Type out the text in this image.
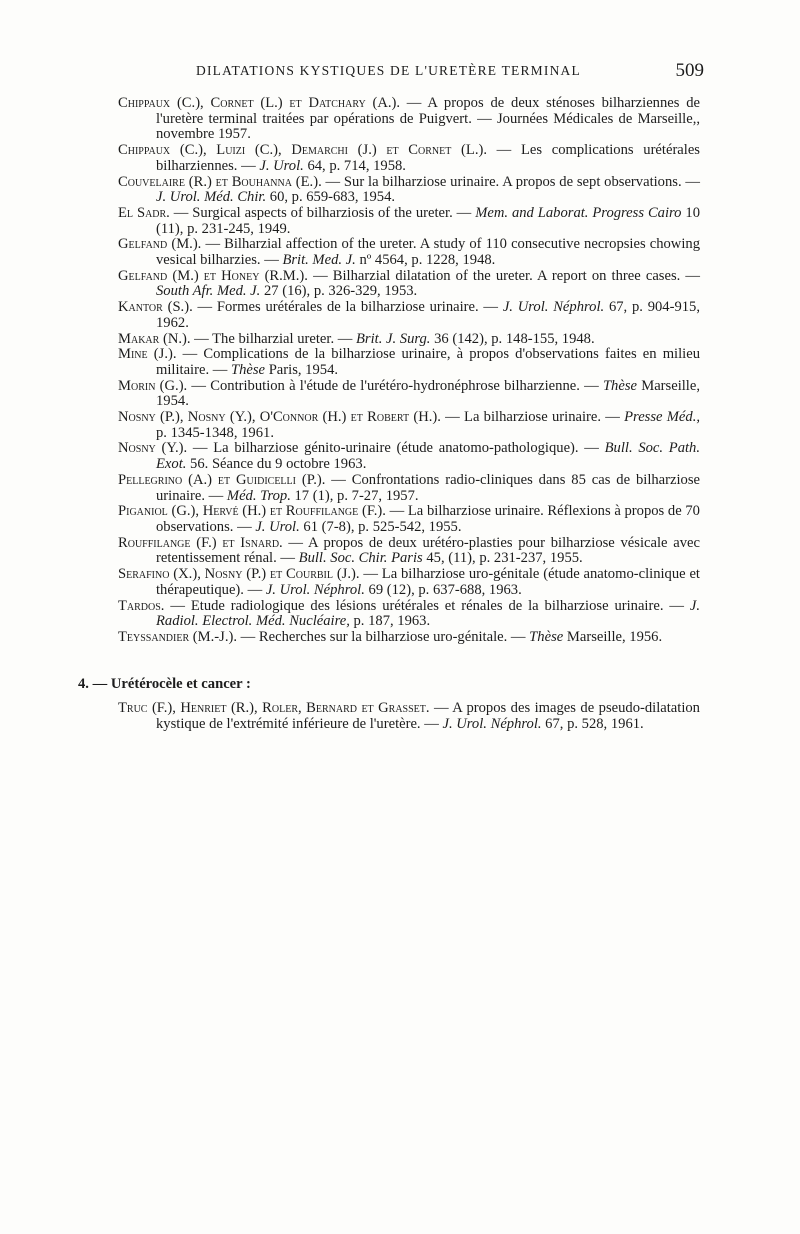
DILATATIONS KYSTIQUES DE L'URETÈRE TERMINAL	509
Chippaux (C.), Cornet (L.) et Datchary (A.). — A propos de deux sténoses bilharziennes de l'uretère terminal traitées par opérations de Puigvert. — Journées Médicales de Marseille,, novembre 1957.
Chippaux (C.), Luizi (C.), Demarchi (J.) et Cornet (L.). — Les complications urétérales bilharziennes. — J. Urol. 64, p. 714, 1958.
Couvelaire (R.) et Bouhanna (E.). — Sur la bilharziose urinaire. A propos de sept observations. — J. Urol. Méd. Chir. 60, p. 659-683, 1954.
El Sadr. — Surgical aspects of bilharziosis of the ureter. — Mem. and Laborat. Progress Cairo 10 (11), p. 231-245, 1949.
Gelfand (M.). — Bilharzial affection of the ureter. A study of 110 consecutive necropsies chowing vesical bilharzies. — Brit. Med. J. nº 4564, p. 1228, 1948.
Gelfand (M.) et Honey (R.M.). — Bilharzial dilatation of the ureter. A report on three cases. — South Afr. Med. J. 27 (16), p. 326-329, 1953.
Kantor (S.). — Formes urétérales de la bilharziose urinaire. — J. Urol. Néphrol. 67, p. 904-915, 1962.
Makar (N.). — The bilharzial ureter. — Brit. J. Surg. 36 (142), p. 148-155, 1948.
Mine (J.). — Complications de la bilharziose urinaire, à propos d'observations faites en milieu militaire. — Thèse Paris, 1954.
Morin (G.). — Contribution à l'étude de l'urétéro-hydronéphrose bilharzienne. — Thèse Marseille, 1954.
Nosny (P.), Nosny (Y.), O'Connor (H.) et Robert (H.). — La bilharziose urinaire. — Presse Méd., p. 1345-1348, 1961.
Nosny (Y.). — La bilharziose génito-urinaire (étude anatomo-pathologique). — Bull. Soc. Path. Exot. 56. Séance du 9 octobre 1963.
Pellegrino (A.) et Guidicelli (P.). — Confrontations radio-cliniques dans 85 cas de bilharziose urinaire. — Méd. Trop. 17 (1), p. 7-27, 1957.
Piganiol (G.), Hervé (H.) et Rouffilange (F.). — La bilharziose urinaire. Réflexions à propos de 70 observations. — J. Urol. 61 (7-8), p. 525-542, 1955.
Rouffilange (F.) et Isnard. — A propos de deux urétéro-plasties pour bilharziose vésicale avec retentissement rénal. — Bull. Soc. Chir. Paris 45, (11), p. 231-237, 1955.
Serafino (X.), Nosny (P.) et Courbil (J.). — La bilharziose uro-génitale (étude anatomo-clinique et thérapeutique). — J. Urol. Néphrol. 69 (12), p. 637-688, 1963.
Tardos. — Etude radiologique des lésions urétérales et rénales de la bilharziose urinaire. — J. Radiol. Electrol. Méd. Nucléaire, p. 187, 1963.
Teyssandier (M.-J.). — Recherches sur la bilharziose uro-génitale. — Thèse Marseille, 1956.
4. — Urétérocèle et cancer :
Truc (F.), Henriet (R.), Roler, Bernard et Grasset. — A propos des images de pseudo-dilatation kystique de l'extrémité inférieure de l'uretère. — J. Urol. Néphrol. 67, p. 528, 1961.
